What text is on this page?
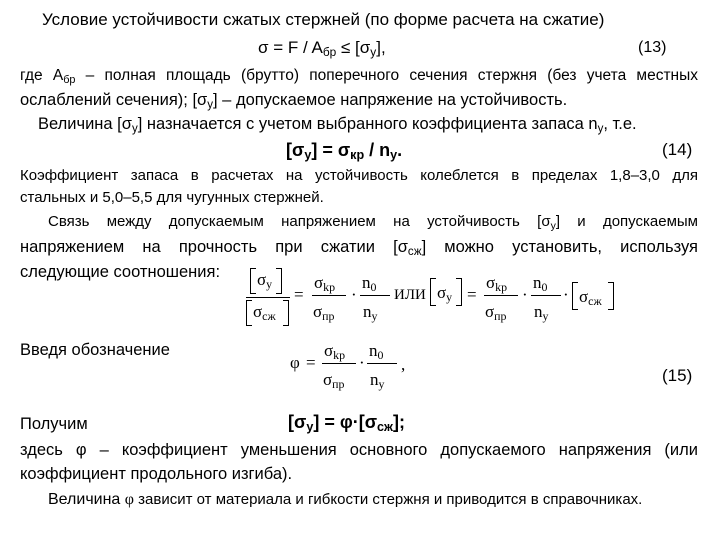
Условие устойчивости сжатых стержней (по форме расчета на сжатие)
$\sigma = F / A_{бр} \le [\sigma_у]$,	(13)
где $А_{бр}$ – полная площадь (брутто) поперечного сечения стержня (без учета местных
ослаблений сечения); $[\sigma_у]$ – допускаемое напряжение на устойчивость.
Величина $[\sigma_у]$ назначается с учетом выбранного коэффициента запаса $n_у$, т.е.
$[\sigma_у] = \sigma_{кр} / n_у$.	(14)
Коэффициент запаса в расчетах на устойчивость колеблется в пределах 1,8–3,0 для
стальных и 5,0–5,5 для чугунных стержней.
Связь между допускаемым напряжением на устойчивость $[\sigma_у]$ и допускаемым
напряжением на прочность при сжатии $[\sigma_{сж}]$ можно установить, используя
следующие соотношения: $\sigma_у$
$\sigma_{сж}$
=
$\sigma_{kр}$
$\sigma_{пр}$
·
$n_0$
$n_у$
ИЛИ $\sigma_у$ =
$\sigma_{kр}$
$\sigma_{пр}$
·
$n_0$
$n_у$
· $\sigma_{сж}$
Введя обозначение
φ =
$\sigma_{kр}$
$\sigma_{пр}$
·
$n_0$
$n_у$
,
(15)
Получим	$[\sigma_у] = \varphi\cdot[\sigma_{сж}]$;
здесь φ – коэффициент уменьшения основного допускаемого напряжения (или
коэффициент продольного изгиба).
Величина φ зависит от материала и гибкости стержня и приводится в справочниках.
